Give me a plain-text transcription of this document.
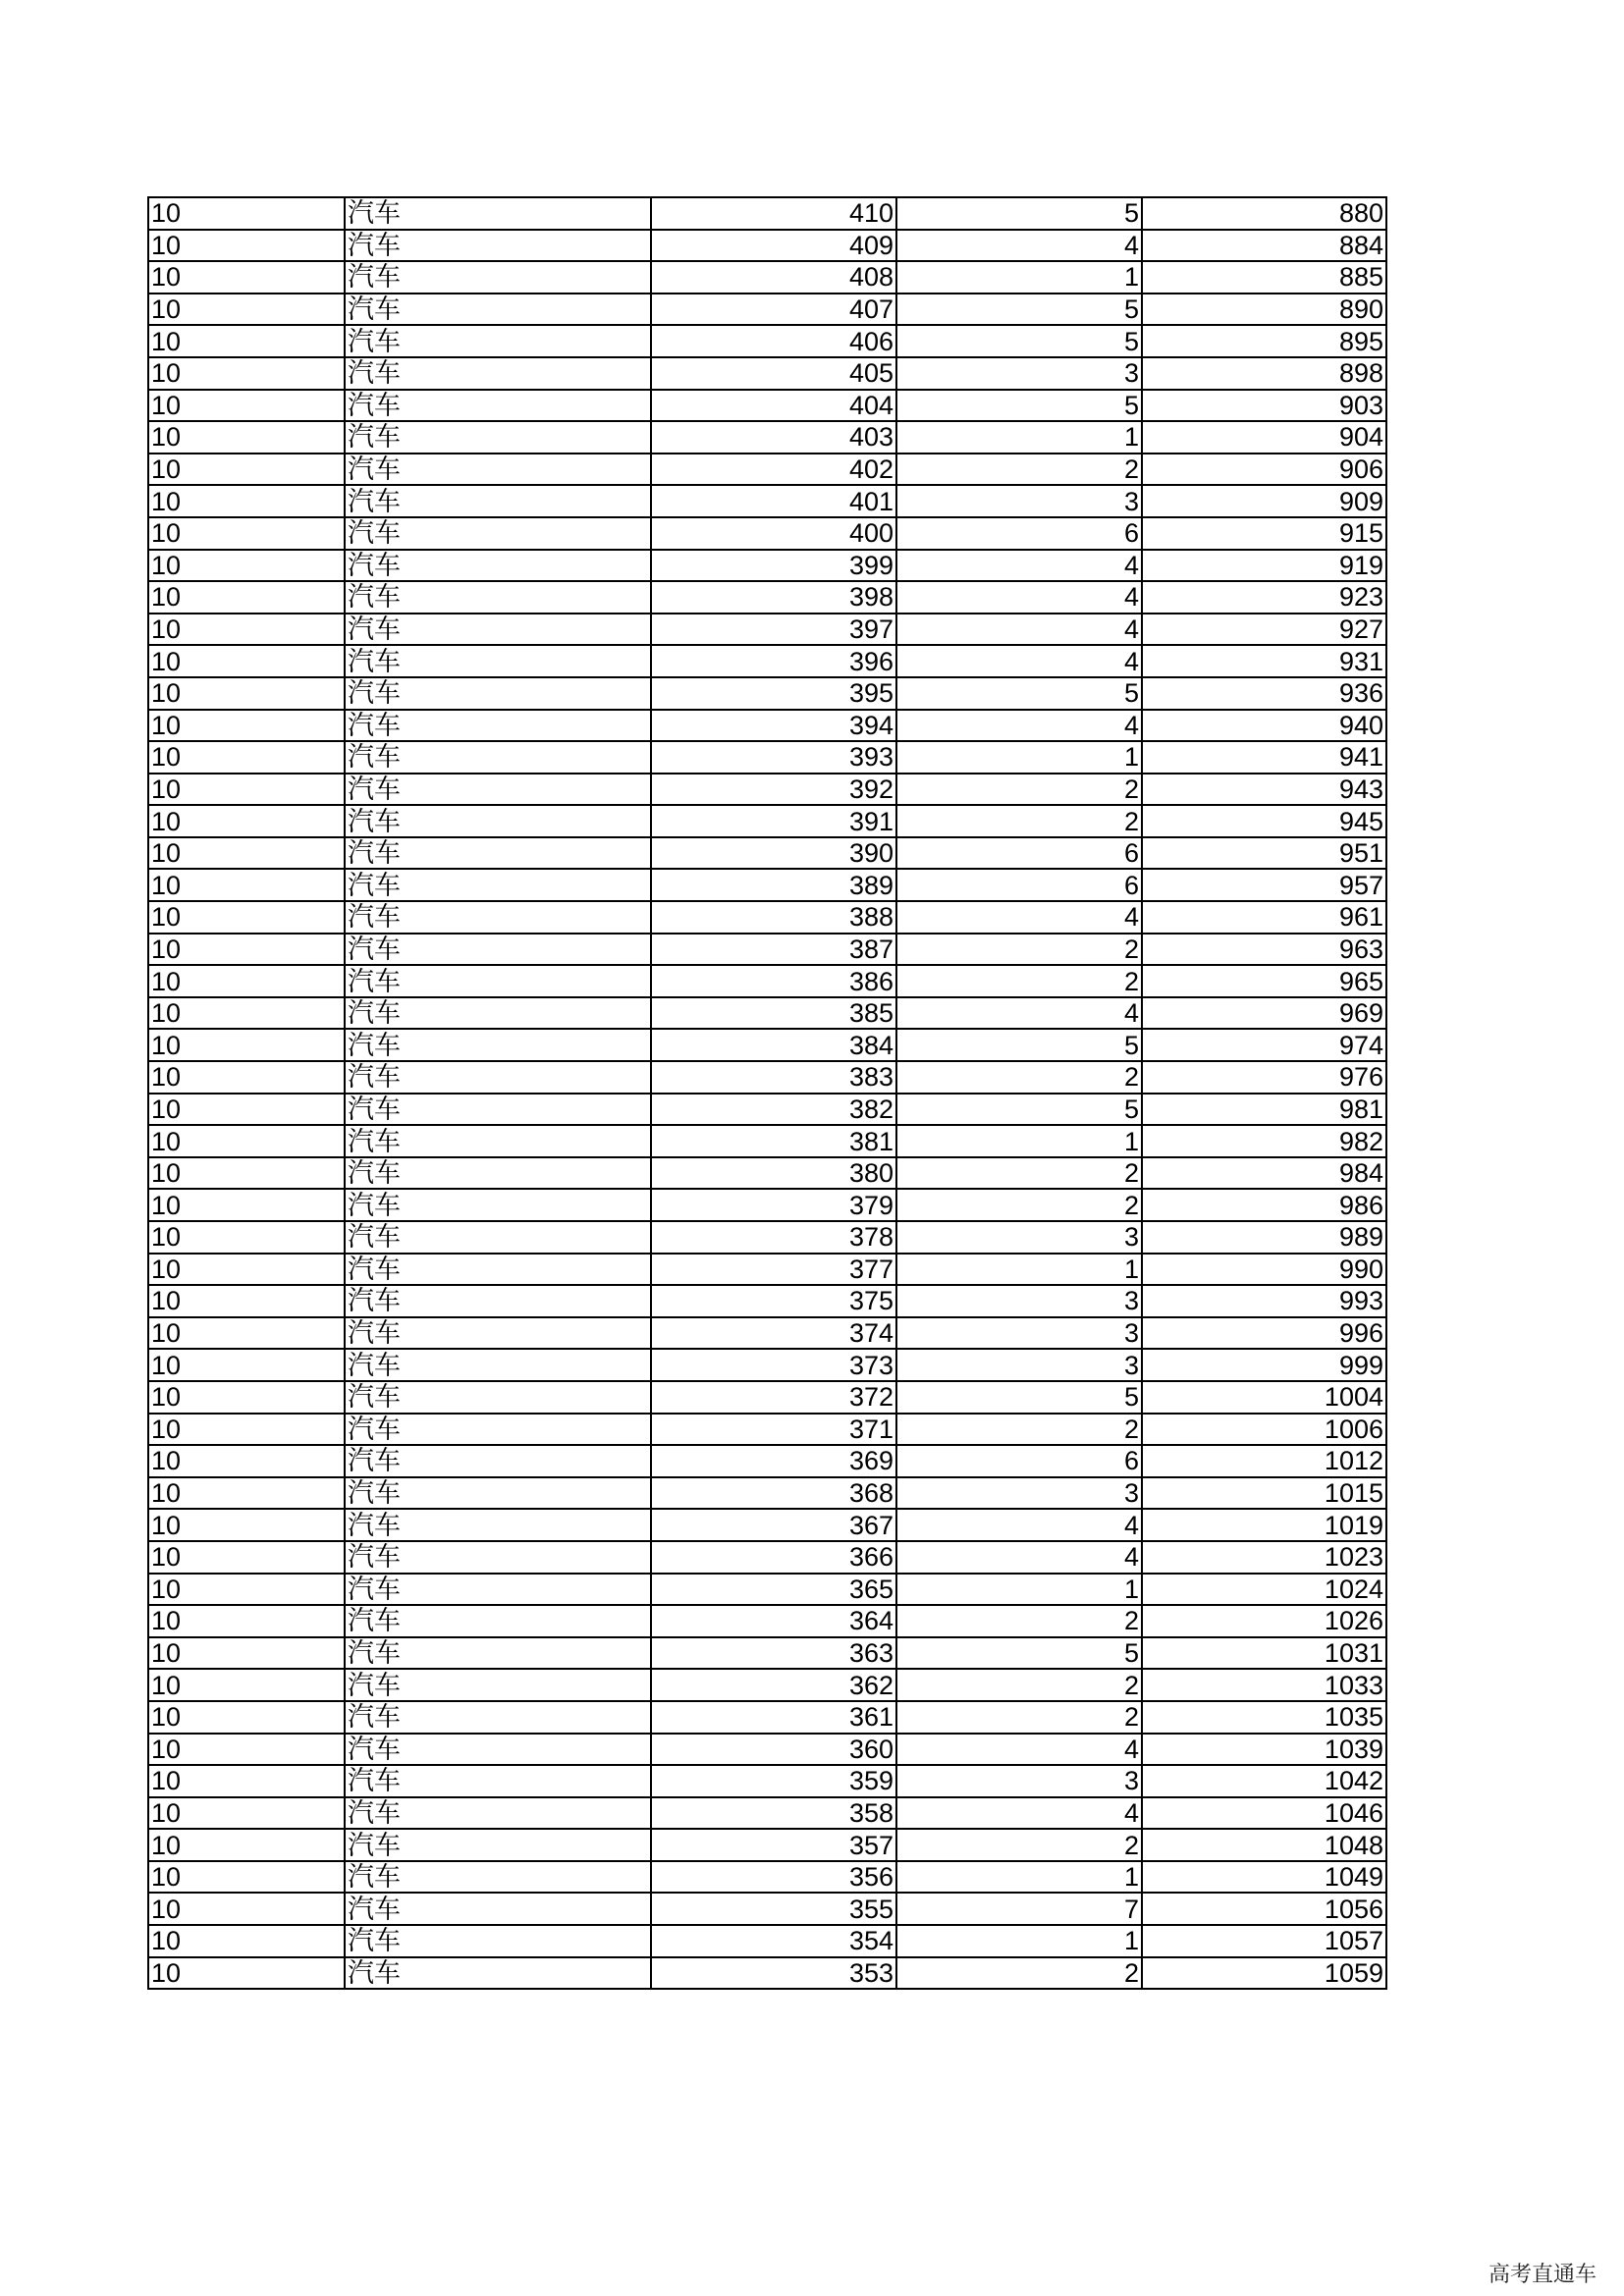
10	汽车	410	5	880
10	汽车	409	4	884
10	汽车	408	1	885
10	汽车	407	5	890
10	汽车	406	5	895
10	汽车	405	3	898
10	汽车	404	5	903
10	汽车	403	1	904
10	汽车	402	2	906
10	汽车	401	3	909
10	汽车	400	6	915
10	汽车	399	4	919
10	汽车	398	4	923
10	汽车	397	4	927
10	汽车	396	4	931
10	汽车	395	5	936
10	汽车	394	4	940
10	汽车	393	1	941
10	汽车	392	2	943
10	汽车	391	2	945
10	汽车	390	6	951
10	汽车	389	6	957
10	汽车	388	4	961
10	汽车	387	2	963
10	汽车	386	2	965
10	汽车	385	4	969
10	汽车	384	5	974
10	汽车	383	2	976
10	汽车	382	5	981
10	汽车	381	1	982
10	汽车	380	2	984
10	汽车	379	2	986
10	汽车	378	3	989
10	汽车	377	1	990
10	汽车	375	3	993
10	汽车	374	3	996
10	汽车	373	3	999
10	汽车	372	5	1004
10	汽车	371	2	1006
10	汽车	369	6	1012
10	汽车	368	3	1015
10	汽车	367	4	1019
10	汽车	366	4	1023
10	汽车	365	1	1024
10	汽车	364	2	1026
10	汽车	363	5	1031
10	汽车	362	2	1033
10	汽车	361	2	1035
10	汽车	360	4	1039
10	汽车	359	3	1042
10	汽车	358	4	1046
10	汽车	357	2	1048
10	汽车	356	1	1049
10	汽车	355	7	1056
10	汽车	354	1	1057
10	汽车	353	2	1059
高考直通车
